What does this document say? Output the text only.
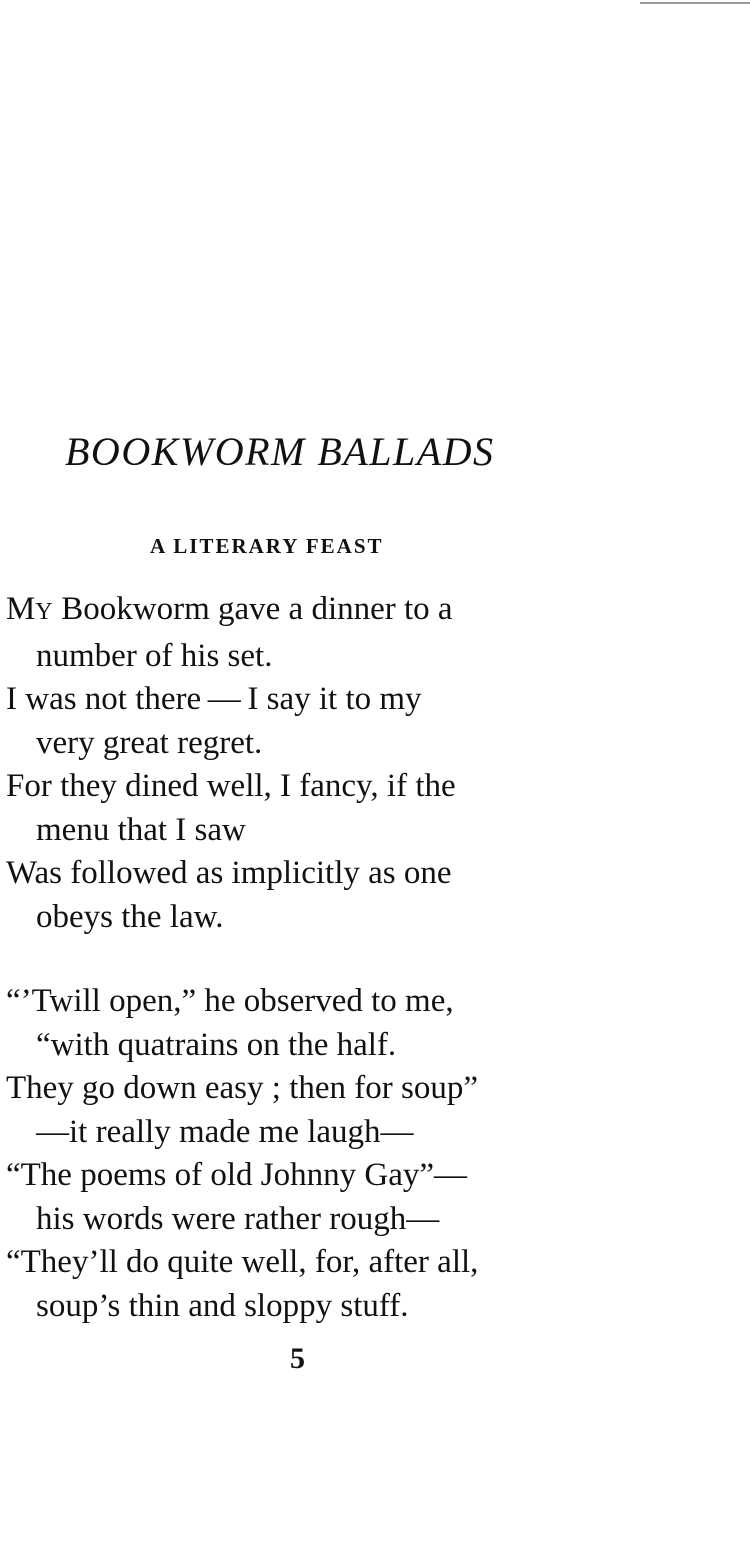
BOOKWORM BALLADS
A LITERARY FEAST
MY Bookworm gave a dinner to a
number of his set.
I was not there — I say it to my
very great regret.
For they dined well, I fancy, if the
menu that I saw
Was followed as implicitly as one
obeys the law.
“’Twill open,” he observed to me,
“with quatrains on the half.
They go down easy ; then for soup”
—it really made me laugh—
“The poems of old Johnny Gay”—
his words were rather rough—
“They’ll do quite well, for, after all,
soup’s thin and sloppy stuff.

5
